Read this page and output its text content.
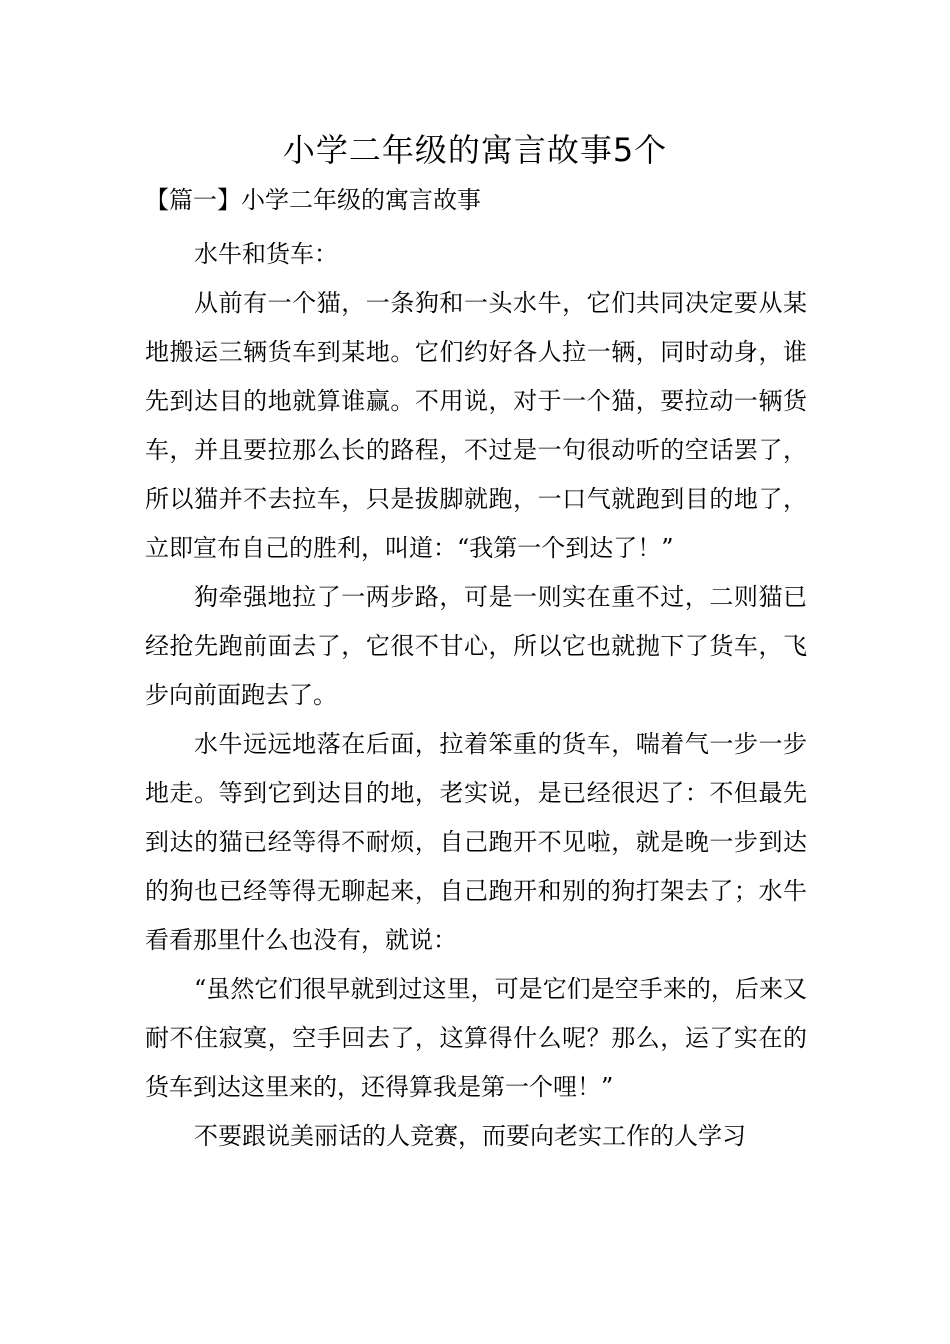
小学二年级的寓言故事5个
【篇一】小学二年级的寓言故事

水牛和货车：

从前有一个猫，一条狗和一头水牛，它们共同决定要从某地搬运三辆货车到某地。它们约好各人拉一辆，同时动身，谁先到达目的地就算谁赢。不用说，对于一个猫，要拉动一辆货车，并且要拉那么长的路程，不过是一句很动听的空话罢了，所以猫并不去拉车，只是拔脚就跑，一口气就跑到目的地了，立即宣布自己的胜利，叫道：“我第一个到达了！”

狗牵强地拉了一两步路，可是一则实在重不过，二则猫已经抢先跑前面去了，它很不甘心，所以它也就抛下了货车，飞步向前面跑去了。

水牛远远地落在后面，拉着笨重的货车，喘着气一步一步地走。等到它到达目的地，老实说，是已经很迟了：不但最先到达的猫已经等得不耐烦，自己跑开不见啦，就是晚一步到达的狗也已经等得无聊起来，自己跑开和别的狗打架去了；水牛看看那里什么也没有，就说：

“虽然它们很早就到过这里，可是它们是空手来的，后来又耐不住寂寞，空手回去了，这算得什么呢？那么，运了实在的货车到达这里来的，还得算我是第一个哩！”

不要跟说美丽话的人竞赛，而要向老实工作的人学习
